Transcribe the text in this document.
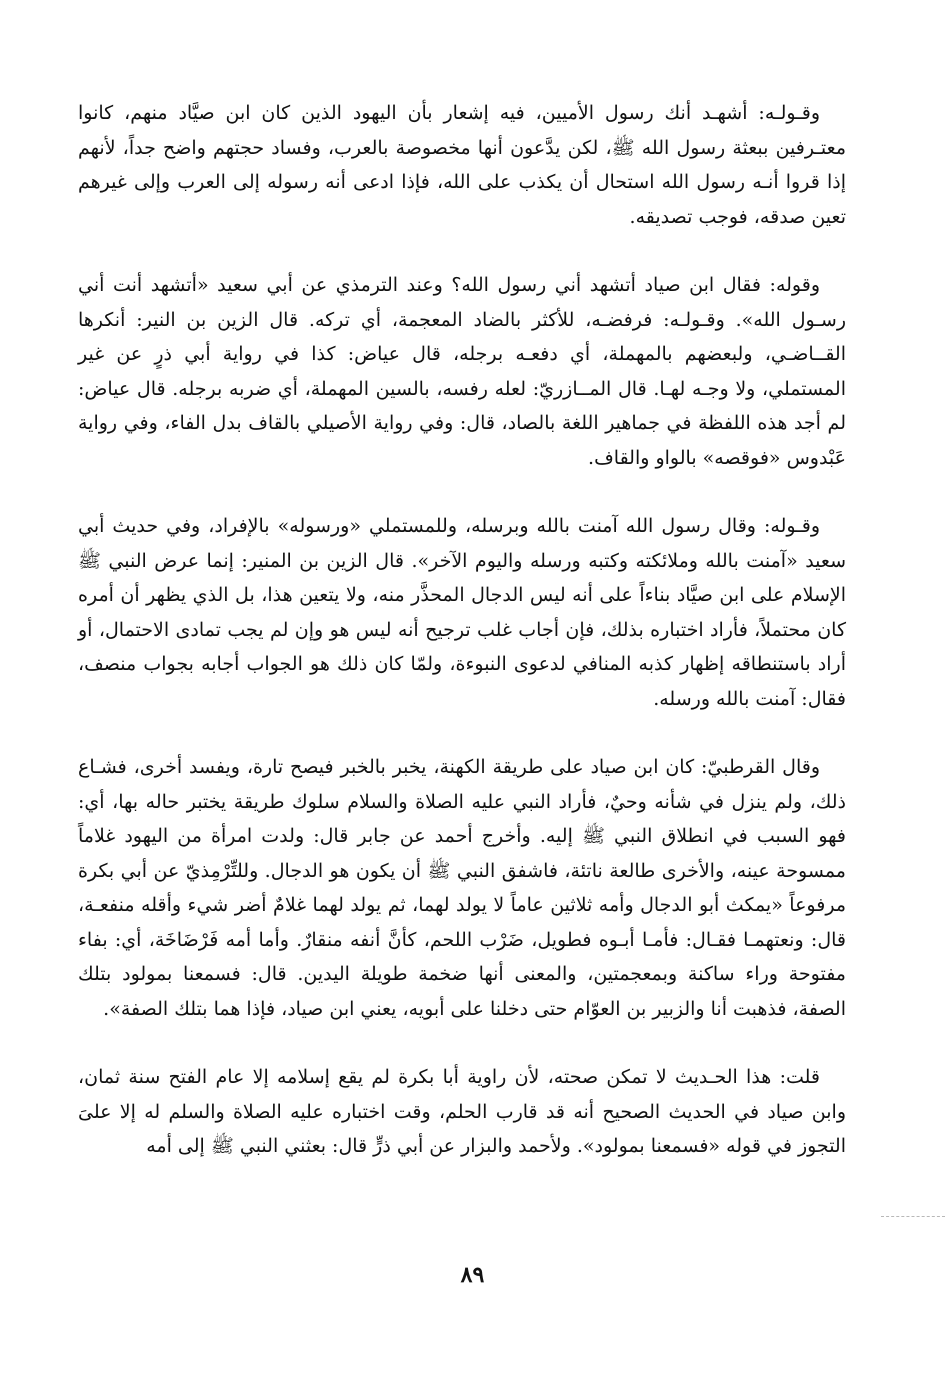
وقـولـه: أشهـد أنك رسول الأميين، فيه إشعار بأن اليهود الذين كان ابن صيَّاد منهم، كانوا معتـرفين ببعثة رسول الله ﷺ، لكن يدَّعون أنها مخصوصة بالعرب، وفساد حجتهم واضح جداً، لأنهم إذا قروا أنـه رسول الله استحال أن يكذب على الله، فإذا ادعى أنه رسوله إلى العرب وإلى غيرهم تعين صدقه، فوجب تصديقه.

وقوله: فقال ابن صياد أتشهد أني رسول الله؟ وعند الترمذي عن أبي سعيد «أتشهد أنت أني رسـول الله». وقـولـه: فرفضـه، للأكثر بالضاد المعجمة، أي تركه. قال الزين بن النير: أنكرها القــاضـي، ولبعضهم بالمهملة، أي دفعـه برجله، قال عياض: كذا في رواية أبي ذرٍ عن غير المستملي، ولا وجـه لهـا. قال المــازريّ: لعله رفسه، بالسين المهملة، أي ضربه برجله. قال عياض: لم أجد هذه اللفظة في جماهير اللغة بالصاد، قال: وفي رواية الأصيلي بالقاف بدل الفاء، وفي رواية عَبْدوس «فوقصه» بالواو والقاف.

وقـوله: وقال رسول الله آمنت بالله وبرسله، وللمستملي «ورسوله» بالإفراد، وفي حديث أبي سعيد «آمنت بالله وملائكته وكتبه ورسله واليوم الآخر». قال الزين بن المنير: إنما عرض النبي ﷺ الإسلام على ابن صيَّاد بناءاً على أنه ليس الدجال المحذَّر منه، ولا يتعين هذا، بل الذي يظهر أن أمره كان محتملاً، فأراد اختباره بذلك، فإن أجاب غلب ترجيح أنه ليس هو وإن لم يجب تمادى الاحتمال، أو أراد باستنطاقه إظهار كذبه المنافي لدعوى النبوءة، ولمّا كان ذلك هو الجواب أجابه بجواب منصف، فقال: آمنت بالله ورسله.

وقال القرطبيّ: كان ابن صياد على طريقة الكهنة، يخبر بالخبر فيصح تارة، ويفسد أخرى، فشـاع ذلك، ولم ينزل في شأنه وحيٌ، فأراد النبي عليه الصلاة والسلام سلوك طريقة يختبر حاله بها، أي: فهو السبب في انطلاق النبي ﷺ إليه. وأخرج أحمد عن جابر قال: ولدت امرأة من اليهود غلاماً ممسوحة عينه، والأخرى طالعة ناتئة، فاشفق النبي ﷺ أن يكون هو الدجال. وللتِّرْمِذيّ عن أبي بكرة مرفوعاً «يمكث أبو الدجال وأمه ثلاثين عاماً لا يولد لهما، ثم يولد لهما غلامٌ أضر شيء وأقله منفعـة، قال: ونعتهمـا فقـال: فأمـا أبـوه فطويل، ضَرْب اللحم، كأنَّ أنفه منقارٌ. وأما أمه فَرْضَاخَة، أي: بفاء مفتوحة وراء ساكنة وبمعجمتين، والمعنى أنها ضخمة طويلة اليدين. قال: فسمعنا بمولود بتلك الصفة، فذهبت أنا والزبير بن العوّام حتى دخلنا على أبويه، يعني ابن صياد، فإذا هما بتلك الصفة».

قلت: هذا الحـديث لا تمكن صحته، لأن راوية أبا بكرة لم يقع إسلامه إلا عام الفتح سنة ثمان، وابن صياد في الحديث الصحيح أنه قد قارب الحلم، وقت اختباره عليه الصلاة والسلم له إلا علىَ التجوز في قوله «فسمعنا بمولود». ولأحمد والبزار عن أبي ذرٍّ قال: بعثني النبي ﷺ إلى أمه

٨٩
